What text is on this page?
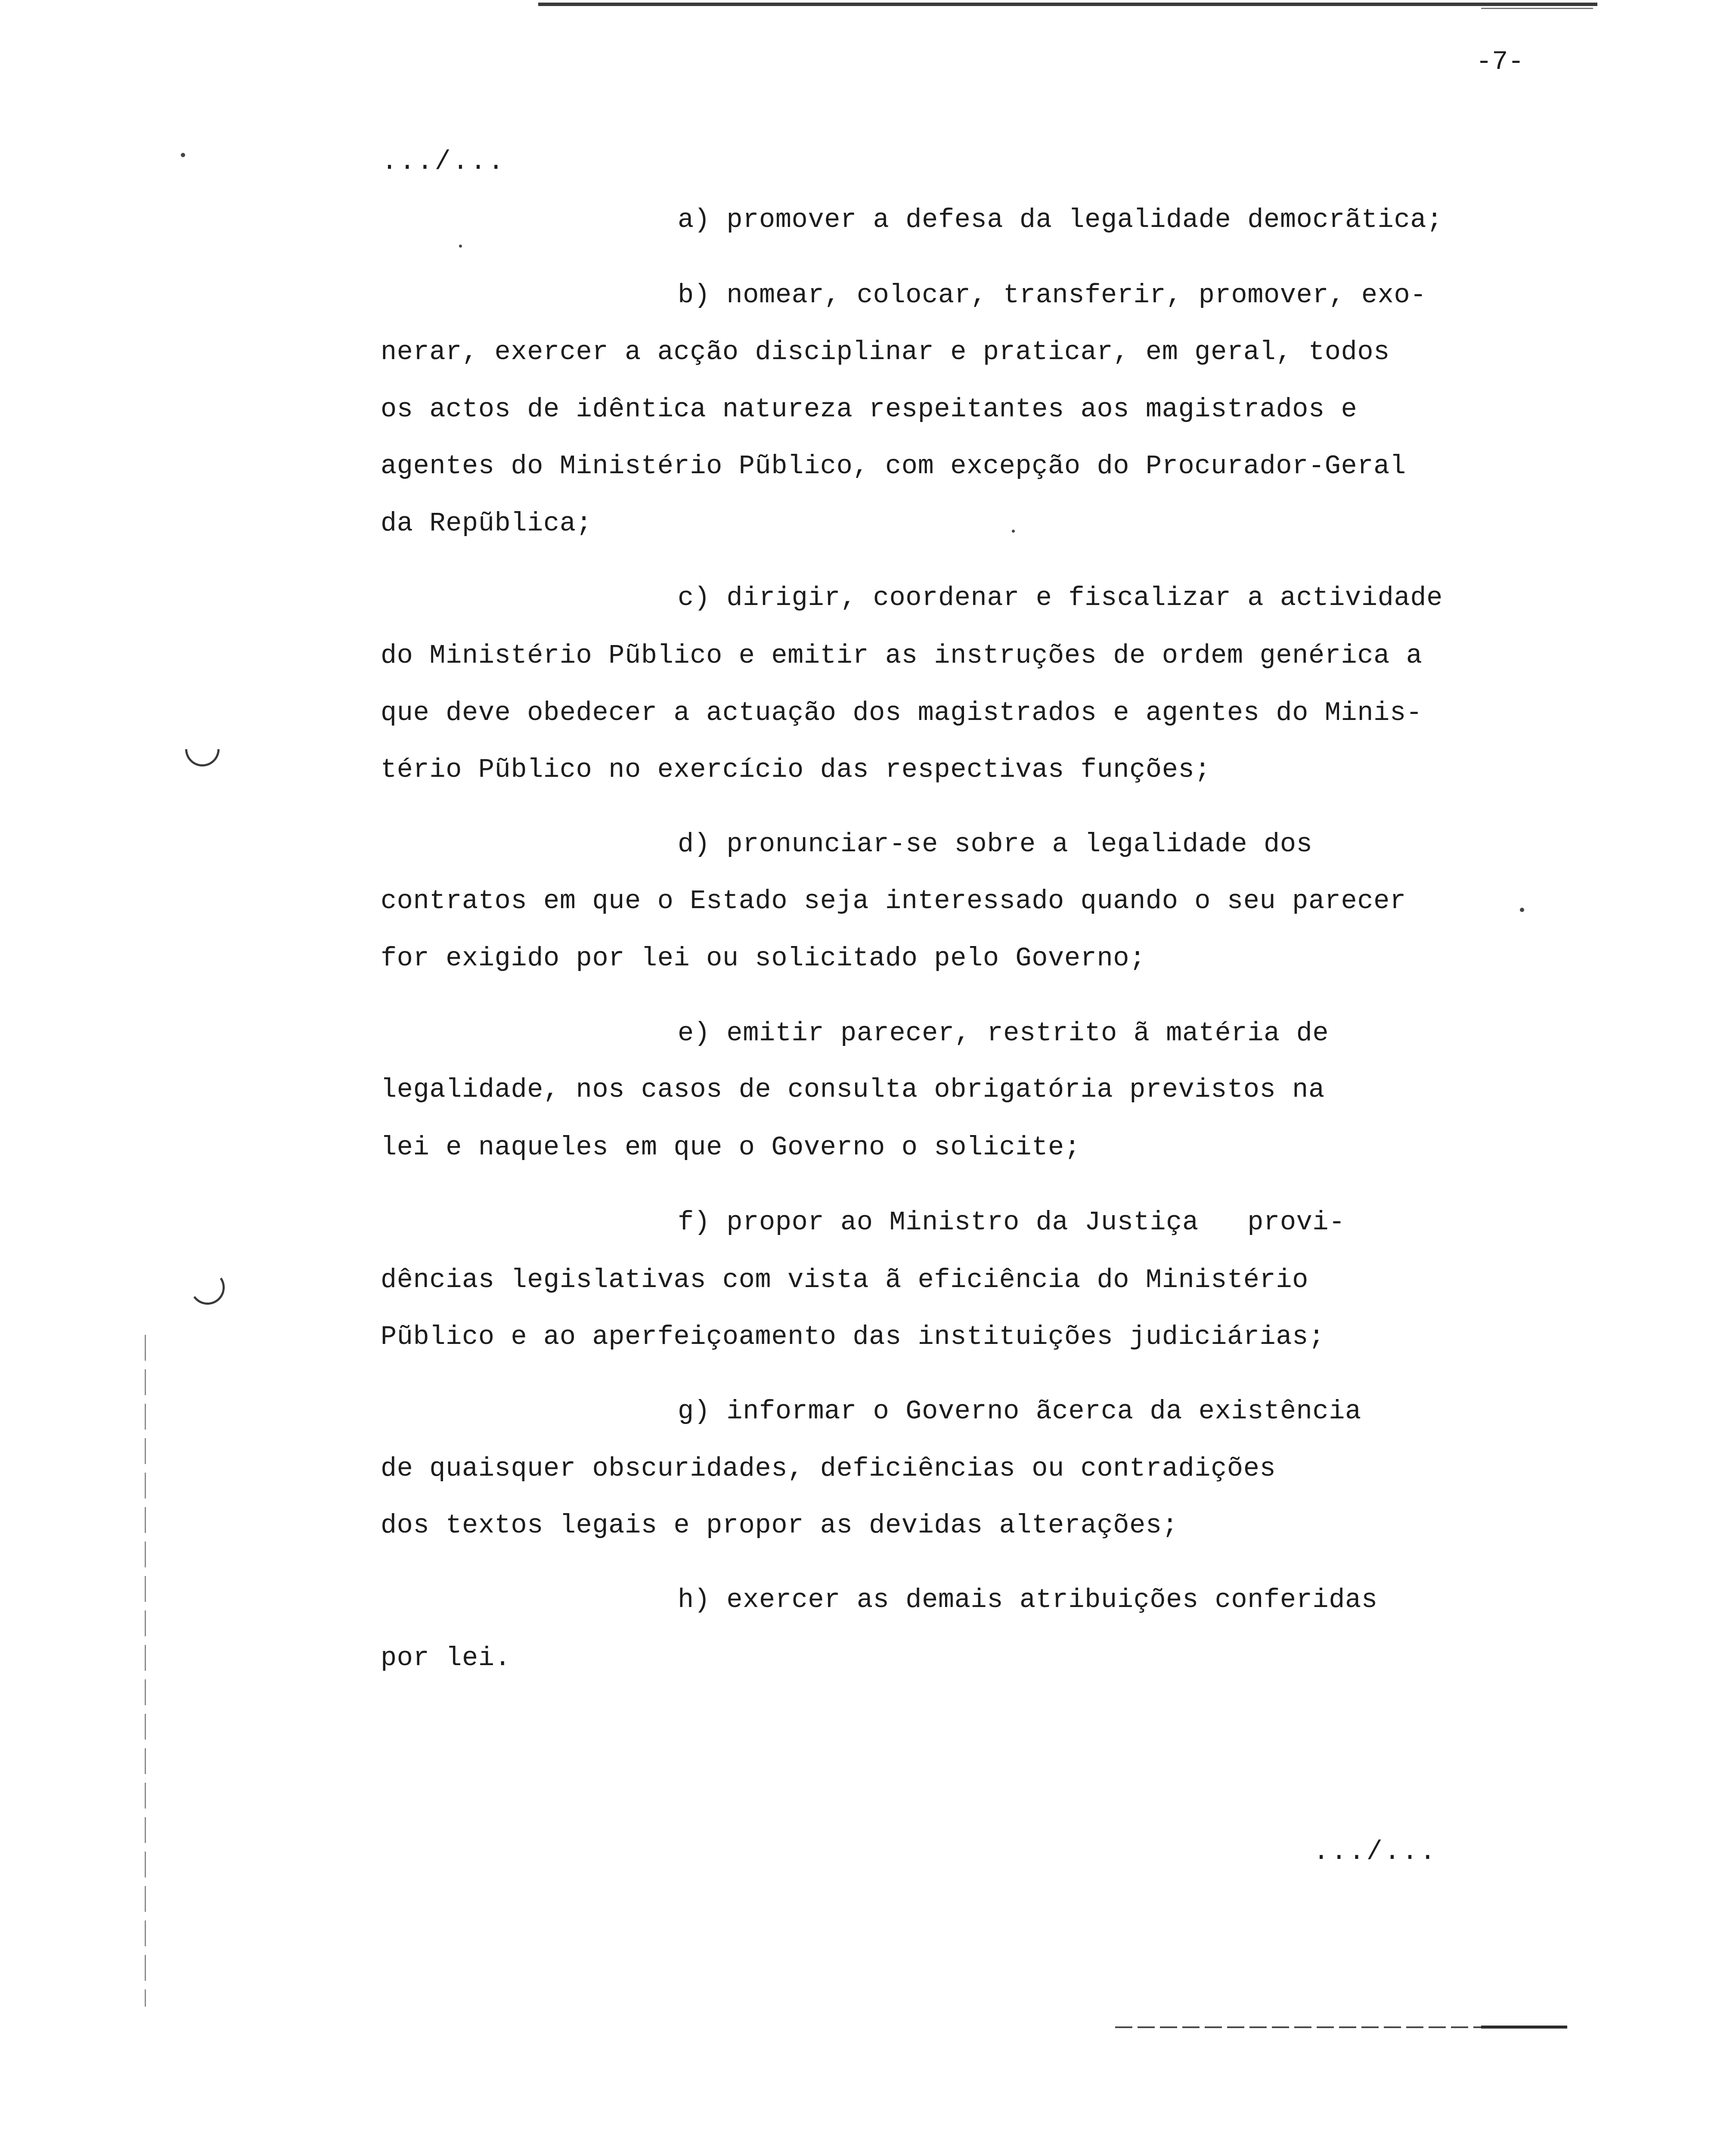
-7-
.../...
a) promover a defesa da legalidade democrãtica;
b) nomear, colocar, transferir, promover, exo-
nerar, exercer a acção disciplinar e praticar, em geral, todos
os actos de idêntica natureza respeitantes aos magistrados e
agentes do Ministério Pũblico, com excepção do Procurador-Geral
da Repũblica;
c) dirigir, coordenar e fiscalizar a actividade
do Ministério Pũblico e emitir as instruções de ordem genérica a
que deve obedecer a actuação dos magistrados e agentes do Minis-
tério Pũblico no exercício das respectivas funções;
d) pronunciar-se sobre a legalidade dos
contratos em que o Estado seja interessado quando o seu parecer
for exigido por lei ou solicitado pelo Governo;
e) emitir parecer, restrito ã matéria de
legalidade, nos casos de consulta obrigatória previstos na
lei e naqueles em que o Governo o solicite;
f) propor ao Ministro da Justiça   provi-
dências legislativas com vista ã eficiência do Ministério
Pũblico e ao aperfeiçoamento das instituições judiciárias;
g) informar o Governo ãcerca da existência
de quaisquer obscuridades, deficiências ou contradições
dos textos legais e propor as devidas alterações;
h) exercer as demais atribuições conferidas
por lei.
.../...
